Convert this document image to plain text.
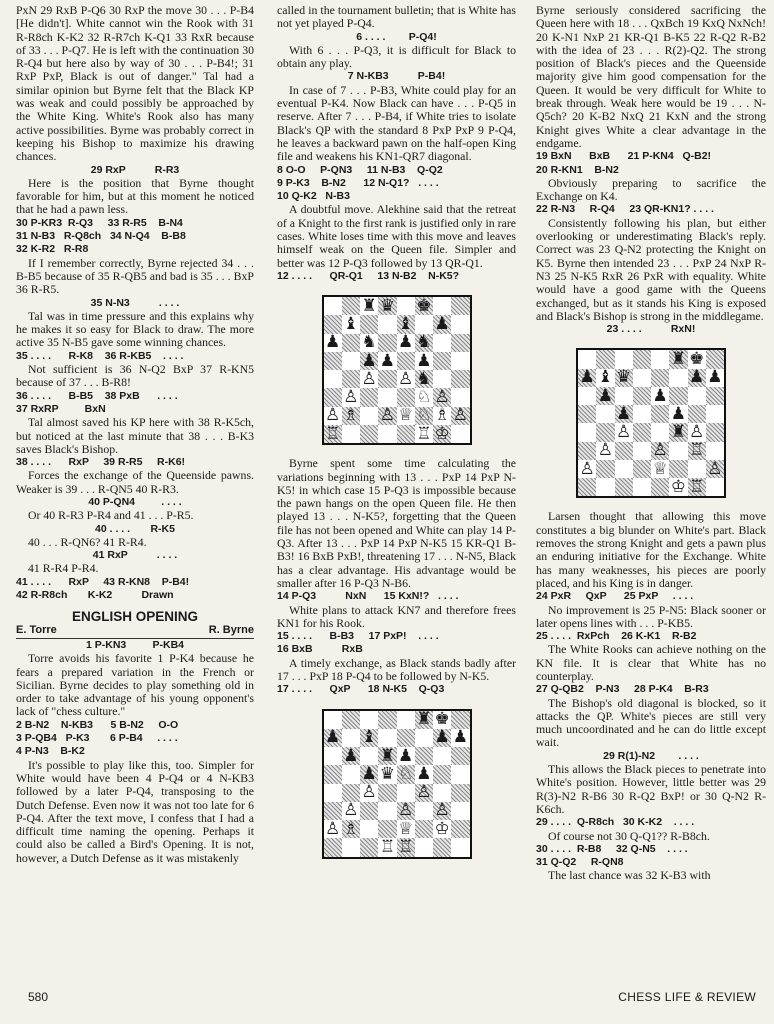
PxN 29 RxB P-Q6 30 RxP the move 30 . . . P-B4 [He didn't]. White cannot win the Rook with 31 R-R8ch K-K2 32 R-R7ch K-Q1 33 RxR because of 33 . . . P-Q7. He is left with the continuation 30 R-Q4 but here also by way of 30 . . . P-B4!; 31 RxP PxP, Black is out of danger." Tal had a similar opinion but Byrne felt that the Black KP was weak and could possibly be approached by the White King. White's Rook also has many active possibilities. Byrne was probably correct in keeping his Bishop to maximize his drawing chances.
29 RxP          R-R3
Here is the position that Byrne thought favorable for him, but at this moment he noticed that he had a pawn less.
30 P-KR3  R-Q3     33 R-R5    B-N4
31 N-B3   R-Q8ch   34 N-Q4    B-B8
32 K-R2   R-R8
If I remember correctly, Byrne rejected 34 . . . B-B5 because of 35 R-QB5 and bad is 35 . . . BxP 36 R-R5.
35 N-N3          . . . .
Tal was in time pressure and this explains why he makes it so easy for Black to draw. The more active 35 N-B5 gave some winning chances.
35 . . . .      R-K8    36 R-KB5    . . . .
Not sufficient is 36 N-Q2 BxP 37 R-KN5 because of 37 . . . B-R8!
36 . . . .      B-B5    38 PxB      . . . .
37 RxRP         BxN
Tal almost saved his KP here with 38 R-K5ch, but noticed at the last minute that 38 . . . B-K3 saves Black's Bishop.
38 . . . .      RxP     39 R-R5     R-K6!
Forces the exchange of the Queenside pawns. Weaker is 39 . . . R-QN5 40 R-R3.
40 P-QN4         . . . .
Or 40 R-R3 P-R4 and 41 . . . P-R5.
40 . . . .       R-K5
40 . . . R-QN6? 41 R-R4.
41 RxP          . . . .
41 R-R4 P-R4.
41 . . . .      RxP     43 R-KN8    P-B4!
42 R-R8ch       K-K2          Drawn
ENGLISH OPENING
E. Torre	R. Byrne
1 P-KN3         P-KB4
Torre avoids his favorite 1 P-K4 because he fears a prepared variation in the French or Sicilian. Byrne decides to play something old in order to take advantage of his young opponent's lack of "chess culture."
2 B-N2    N-KB3      5 B-N2     O-O
3 P-QB4   P-K3       6 P-B4     . . . .
4 P-N3    B-K2
It's possible to play like this, too. Simpler for White would have been 4 P-Q4 or 4 N-KB3 followed by a later P-Q4, transposing to the Dutch Defense. Even now it was not too late for 6 P-Q4. After the text move, I confess that I had a difficult time naming the opening. Perhaps it could also be called a Bird's Opening. It is not, however, a Dutch Defense as it was mistakenly
called in the tournament bulletin; that is White has not yet played P-Q4.
6 . . . .        P-Q4!
With 6 . . . P-Q3, it is difficult for Black to obtain any play.
7 N-KB3          P-B4!
In case of 7 . . . P-B3, White could play for an eventual P-K4. Now Black can have . . . P-Q5 in reserve. After 7 . . . P-B4, if White tries to isolate Black's QP with the standard 8 PxP PxP 9 P-Q4, he leaves a backward pawn on the half-open King file and weakens his KN1-QR7 diagonal.
8 O-O     P-QN3     11 N-B3    Q-Q2
9 P-K3    B-N2      12 N-Q1?   . . . .
10 Q-K2   N-B3
A doubtful move. Alekhine said that the retreat of a Knight to the first rank is justified only in rare cases. White loses time with this move and leaves himself weak on the Queen file. Simpler and better was 12 P-Q3 followed by 13 QR-Q1.
12 . . . .      QR-Q1     13 N-B2    N-K5?
♜ ♛ ♚
♝ ♝ ♟
♟ ♞ ♟ ♞
♟ ♟ ♟
♙ ♙ ♞
♙	♘ ♙
♙ ♗ ♙ ♕ ♘ ♗ ♙
♖	♖ ♔
Byrne spent some time calculating the variations beginning with 13 . . . PxP 14 PxP N-K5! in which case 15 P-Q3 is impossible because the pawn hangs on the open Queen file. He then played 13 . . . N-K5?, forgetting that the Queen file has not been opened and White can play 14 P-Q3. After 13 . . . PxP 14 PxP N-K5 15 KR-Q1 B-B3! 16 BxB PxB!, threatening 17 . . . N-N5, Black has a clear advantage. His advantage would be smaller after 16 P-Q3 N-B6.
14 P-Q3          NxN      15 KxN!?   . . . .
White plans to attack KN7 and therefore frees KN1 for his Rook.
15 . . . .      B-B3     17 PxP!    . . . .
16 BxB          RxB
A timely exchange, as Black stands badly after 17 . . . PxP 18 P-Q4 to be followed by N-K5.
17 . . . .      QxP      18 N-K5    Q-Q3
♜ ♚
♟ ♝	♟ ♟
♟ ♜ ♟
♟ ♛ ♘ ♟
♙ ♙
♙ ♙ ♙
♙ ♗ ♕ ♔
♖ ♖
Byrne seriously considered sacrificing the Queen here with 18 . . . QxBch 19 KxQ NxNch! 20 K-N1 NxP 21 KR-Q1 B-K5 22 R-Q2 R-B2 with the idea of 23 . . . R(2)-Q2. The strong position of Black's pieces and the Queenside majority give him good compensation for the Queen. It would be very difficult for White to break through. Weak here would be 19 . . . N-Q5ch? 20 K-B2 NxQ 21 KxN and the strong Knight gives White a clear advantage in the endgame.
19 BxN      BxB      21 P-KN4   Q-B2!
20 R-KN1    B-N2
Obviously preparing to sacrifice the Exchange on K4.
22 R-N3     R-Q4     23 QR-KN1? . . . .
Consistently following his plan, but either overlooking or underestimating Black's reply. Correct was 23 Q-N2 protecting the Knight on K5. Byrne then intended 23 . . . PxP 24 NxP R-N3 25 N-K5 RxR 26 PxR with equality. White would have a good game with the Queens exchanged, but as it stands his King is exposed and Black's Bishop is strong in the middlegame.
23 . . . .          RxN!
♜ ♚
♟ ♝ ♛	♟ ♟
♟ ♟
♟ ♟
♙ ♜ ♙
♙ ♙ ♖
♙	♕ ♙
♔ ♖
Larsen thought that allowing this move constitutes a big blunder on White's part. Black removes the strong Knight and gets a pawn plus an enduring initiative for the Exchange. White has many weaknesses, his pieces are poorly placed, and his King is in danger.
24 PxR     QxP      25 PxP     . . . .
No improvement is 25 P-N5: Black sooner or later opens lines with . . . P-KB5.
25 . . . .  RxPch    26 K-K1    R-B2
The White Rooks can achieve nothing on the KN file. It is clear that White has no counterplay.
27 Q-QB2    P-N3     28 P-K4    B-R3
The Bishop's old diagonal is blocked, so it attacks the QP. White's pieces are still very much uncoordinated and he can do little except wait.
29 R(1)-N2        . . . .
This allows the Black pieces to penetrate into White's position. However, little better was 29 R(3)-N2 R-B6 30 R-Q2 BxP! or 30 Q-N2 R-K6ch.
29 . . . .  Q-R8ch   30 K-K2    . . . .
Of course not 30 Q-Q1?? R-B8ch.
30 . . . .  R-B8     32 Q-N5    . . . .
31 Q-Q2     R-QN8
The last chance was 32 K-B3 with
580	CHESS LIFE & REVIEW
